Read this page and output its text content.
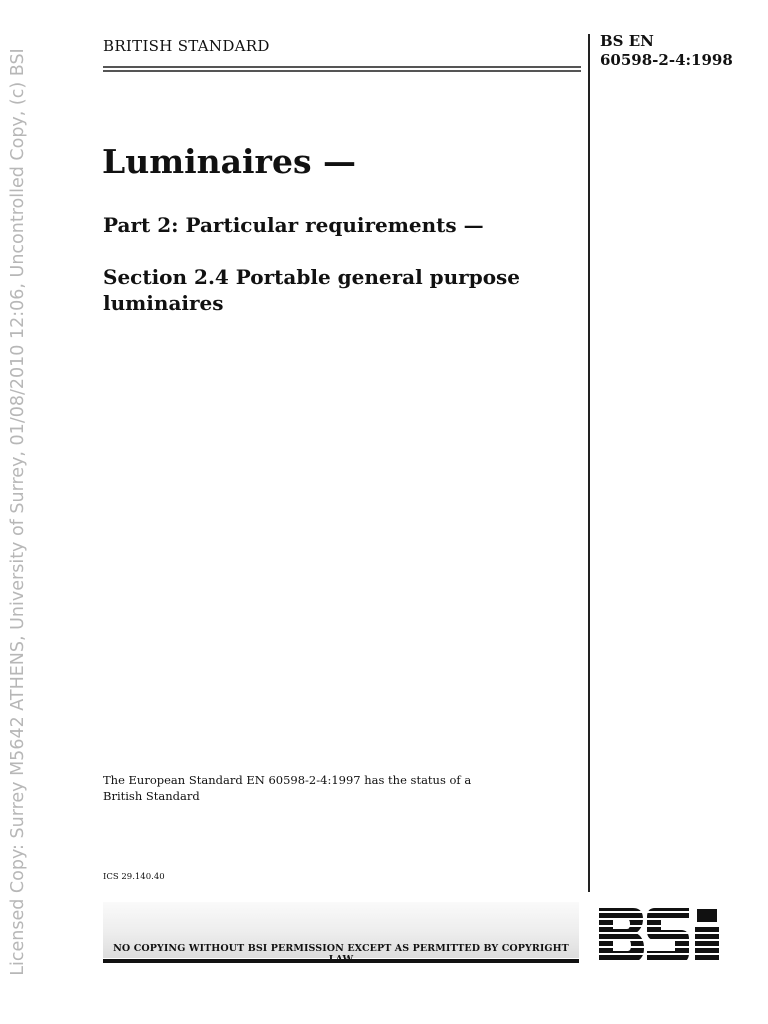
Licensed Copy: Surrey M5642 ATHENS, University of Surrey, 01/08/2010 12:06, Uncontrolled Copy, (c) BSI
BRITISH STANDARD	BS EN
60598-2-4:1998
Luminaires —
Part 2: Particular requirements —
Section 2.4 Portable general purpose luminaires
The European Standard EN 60598-2-4:1997 has the status of a
British Standard
ICS 29.140.40
NO COPYING WITHOUT BSI PERMISSION EXCEPT AS PERMITTED BY COPYRIGHT
